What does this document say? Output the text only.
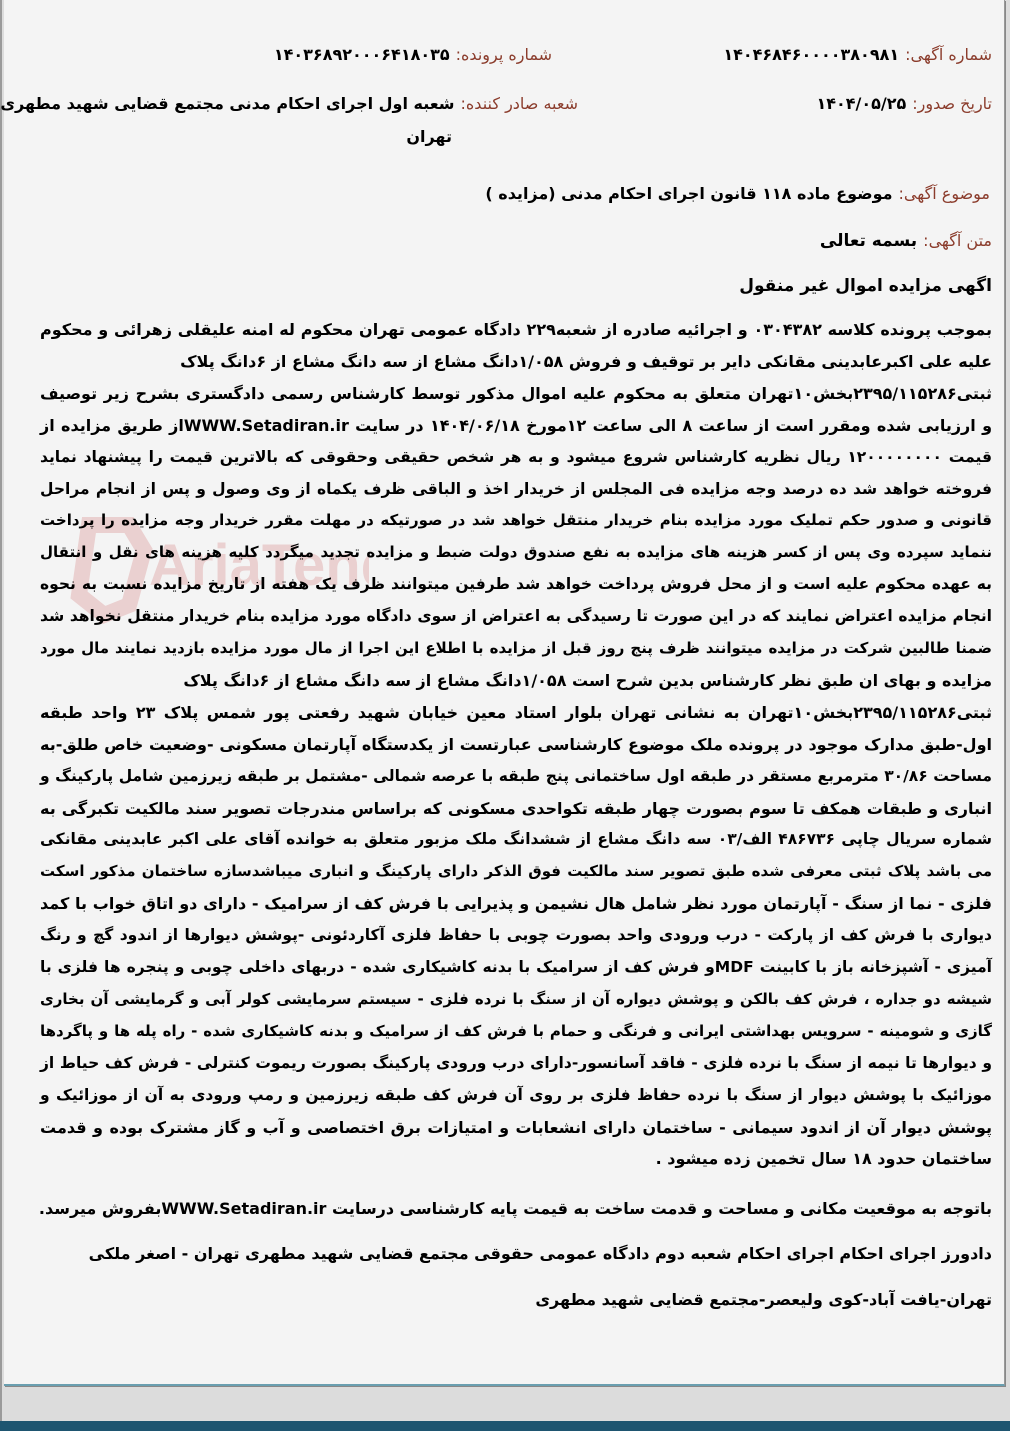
AriaTen
شماره آگهی:۱۴۰۴۶۸۴۶۰۰۰۰۳۸۰۹۸۱
شماره پرونده:۱۴۰۳۶۸۹۲۰۰۰۶۴۱۸۰۳۵
تاریخ صدور:۱۴۰۴/۰۵/۲۵
شعبه صادر کننده:شعبه اول اجرای احکام مدنی مجتمع قضایی شهید مطهری
تهران
موضوع آگهی:موضوع ماده ۱۱۸ قانون اجرای احکام مدنی (مزایده )
متن آگهی:بسمه تعالی
اگهی مزایده اموال غیر منقول
بموجب پرونده کلاسه ۰۳۰۴۳۸۲ و اجرائیه صادره از شعبه۲۲۹ دادگاه عمومی تهران محکوم له امنه علیقلی زهرائی و محکوم
علیه علی اکبرعابدینی مقانکی دایر بر توقیف و فروش ۱/۰۵۸دانگ مشاع از سه دانگ مشاع از ۶دانگ پلاک
ثبتی۲۳۹۵/۱۱۵۲۸۶بخش۱۰تهران متعلق به محکوم علیه اموال مذکور توسط کارشناس رسمی دادگستری بشرح زیر توصیف
و ارزیابی شده ومقرر است از ساعت ۸ الی ساعت ۱۲مورخ ۱۴۰۴/۰۶/۱۸ در سایت WWW.Setadiran.irاز طریق مزایده از
قیمت ۱۲۰۰۰۰۰۰۰۰ ریال نظریه کارشناس شروع میشود و به هر شخص حقیقی وحقوقی که بالاترین قیمت را پیشنهاد نماید
فروخته خواهد شد ده درصد وجه مزایده فی المجلس از خریدار اخذ و الباقی ظرف یکماه از وی وصول و پس از انجام مراحل
قانونی و صدور حکم تملیک مورد مزایده بنام خریدار منتقل خواهد شد در صورتیکه در مهلت مقرر خریدار وجه مزایده را پرداخت
ننماید سپرده وی پس از کسر هزینه های مزایده به نفع صندوق دولت ضبط و مزایده تجدید میگردد کلیه هزینه های نقل و انتقال
به عهده محکوم علیه است و از محل فروش پرداخت خواهد شد طرفین میتوانند ظرف یک هفته از تاریخ مزایده نسبت به نحوه
انجام مزایده اعتراض نمایند که در این صورت تا رسیدگی به اعتراض از سوی دادگاه مورد مزایده بنام خریدار منتقل نخواهد شد
ضمنا طالبین شرکت در مزایده میتوانند ظرف پنج روز قبل از مزایده با اطلاع این اجرا از مال مورد مزایده بازدید نمایند مال مورد
مزایده و بهای ان طبق نظر کارشناس بدین شرح است ۱/۰۵۸دانگ مشاع از سه دانگ مشاع از ۶دانگ پلاک
ثبتی۲۳۹۵/۱۱۵۲۸۶بخش۱۰تهران به نشانی تهران بلوار استاد معین خیابان شهید رفعتی پور شمس پلاک ۲۳ واحد طبقه
اول-طبق مدارک موجود در پرونده ملک موضوع کارشناسی عبارتست از یکدستگاه آپارتمان مسکونی -وضعیت خاص طلق-به
مساحت ۳۰/۸۶ مترمربع مستقر در طبقه اول ساختمانی پنج طبقه با عرصه شمالی -مشتمل بر طبقه زیرزمین شامل پارکینگ و
انباری و طبقات همکف تا سوم بصورت چهار طبقه تکواحدی مسکونی که براساس مندرجات تصویر سند مالکیت تکبرگی به
شماره سریال چاپی ۴۸۶۷۳۶ الف/۰۳ سه دانگ مشاع از ششدانگ ملک مزبور متعلق به خوانده آقای علی اکبر عابدینی مقانکی
می باشد پلاک ثبتی معرفی شده طبق تصویر سند مالکیت فوق الذکر دارای پارکینگ و انباری میباشدسازه ساختمان مذکور اسکت
فلزی - نما از سنگ - آپارتمان مورد نظر شامل هال نشیمن و پذیرایی با فرش کف از سرامیک - دارای دو اتاق خواب با کمد
دیواری با فرش کف از پارکت - درب ورودی واحد بصورت چوبی با حفاظ فلزی آکاردئونی -پوشش دیوارها از اندود گچ و رنگ
آمیزی - آشپزخانه باز با کابینت MDFو فرش کف از سرامیک با بدنه کاشیکاری شده - دربهای داخلی چوبی و پنجره ها فلزی با
شیشه دو جداره ، فرش کف بالکن و پوشش دیواره آن از سنگ با نرده فلزی - سیستم سرمایشی کولر آبی و گرمایشی آن بخاری
گازی و شومینه - سرویس بهداشتی ایرانی و فرنگی و حمام با فرش کف از سرامیک و بدنه کاشیکاری شده - راه پله ها و پاگردها
و دیوارها تا نیمه از سنگ با نرده فلزی - فاقد آسانسور-دارای درب ورودی پارکینگ بصورت ریموت کنترلی - فرش کف حیاط از
موزائیک با پوشش دیوار از سنگ با نرده حفاظ فلزی بر روی آن فرش کف طبقه زیرزمین و رمپ ورودی به آن از موزائیک و
پوشش دیوار آن از اندود سیمانی - ساختمان دارای انشعابات و امتیازات برق اختصاصی و آب و گاز مشترک بوده و قدمت
ساختمان حدود ۱۸ سال تخمین زده میشود .
باتوجه به موقعیت مکانی و مساحت و قدمت ساخت به قیمت پایه کارشناسی درسایت WWW.Setadiran.irبفروش میرسد.
دادورز اجرای احکام اجرای احکام شعبه دوم دادگاه عمومی حقوقی مجتمع قضایی شهید مطهری تهران - اصغر ملکی
تهران-یافت آباد-کوی ولیعصر-مجتمع قضایی شهید مطهری
